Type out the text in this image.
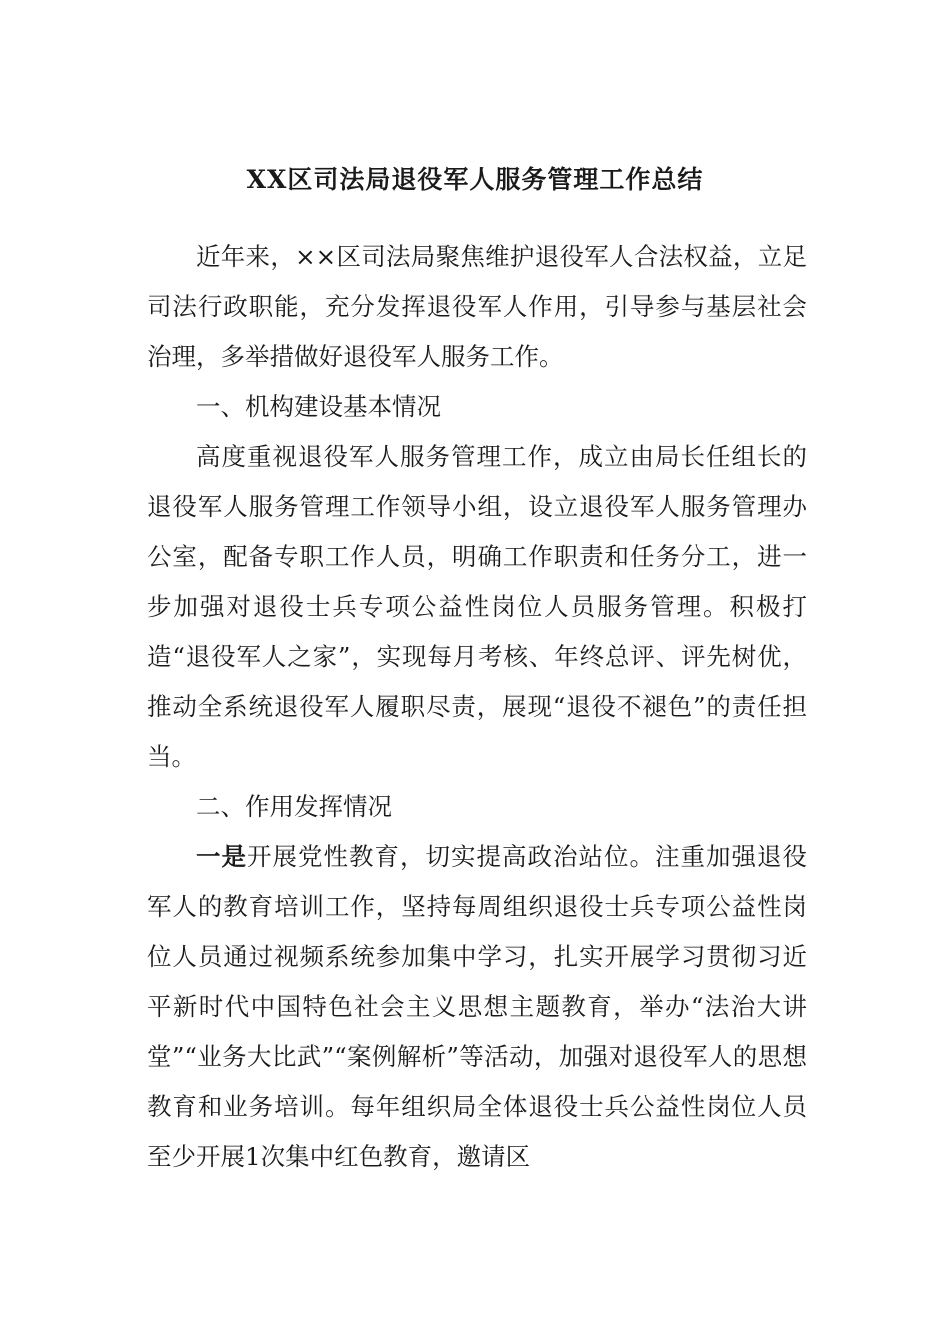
XX区司法局退役军人服务管理工作总结

近年来，××区司法局聚焦维护退役军人合法权益，立足司法行政职能，充分发挥退役军人作用，引导参与基层社会治理，多举措做好退役军人服务工作。

一、机构建设基本情况

高度重视退役军人服务管理工作，成立由局长任组长的退役军人服务管理工作领导小组，设立退役军人服务管理办公室，配备专职工作人员，明确工作职责和任务分工，进一步加强对退役士兵专项公益性岗位人员服务管理。积极打造“退役军人之家”，实现每月考核、年终总评、评先树优，推动全系统退役军人履职尽责，展现“退役不褪色”的责任担当。

二、作用发挥情况

一是开展党性教育，切实提高政治站位。注重加强退役军人的教育培训工作，坚持每周组织退役士兵专项公益性岗位人员通过视频系统参加集中学习，扎实开展学习贯彻习近平新时代中国特色社会主义思想主题教育，举办“法治大讲堂”“业务大比武”“案例解析”等活动，加强对退役军人的思想教育和业务培训。每年组织局全体退役士兵公益性岗位人员至少开展1次集中红色教育，邀请区
